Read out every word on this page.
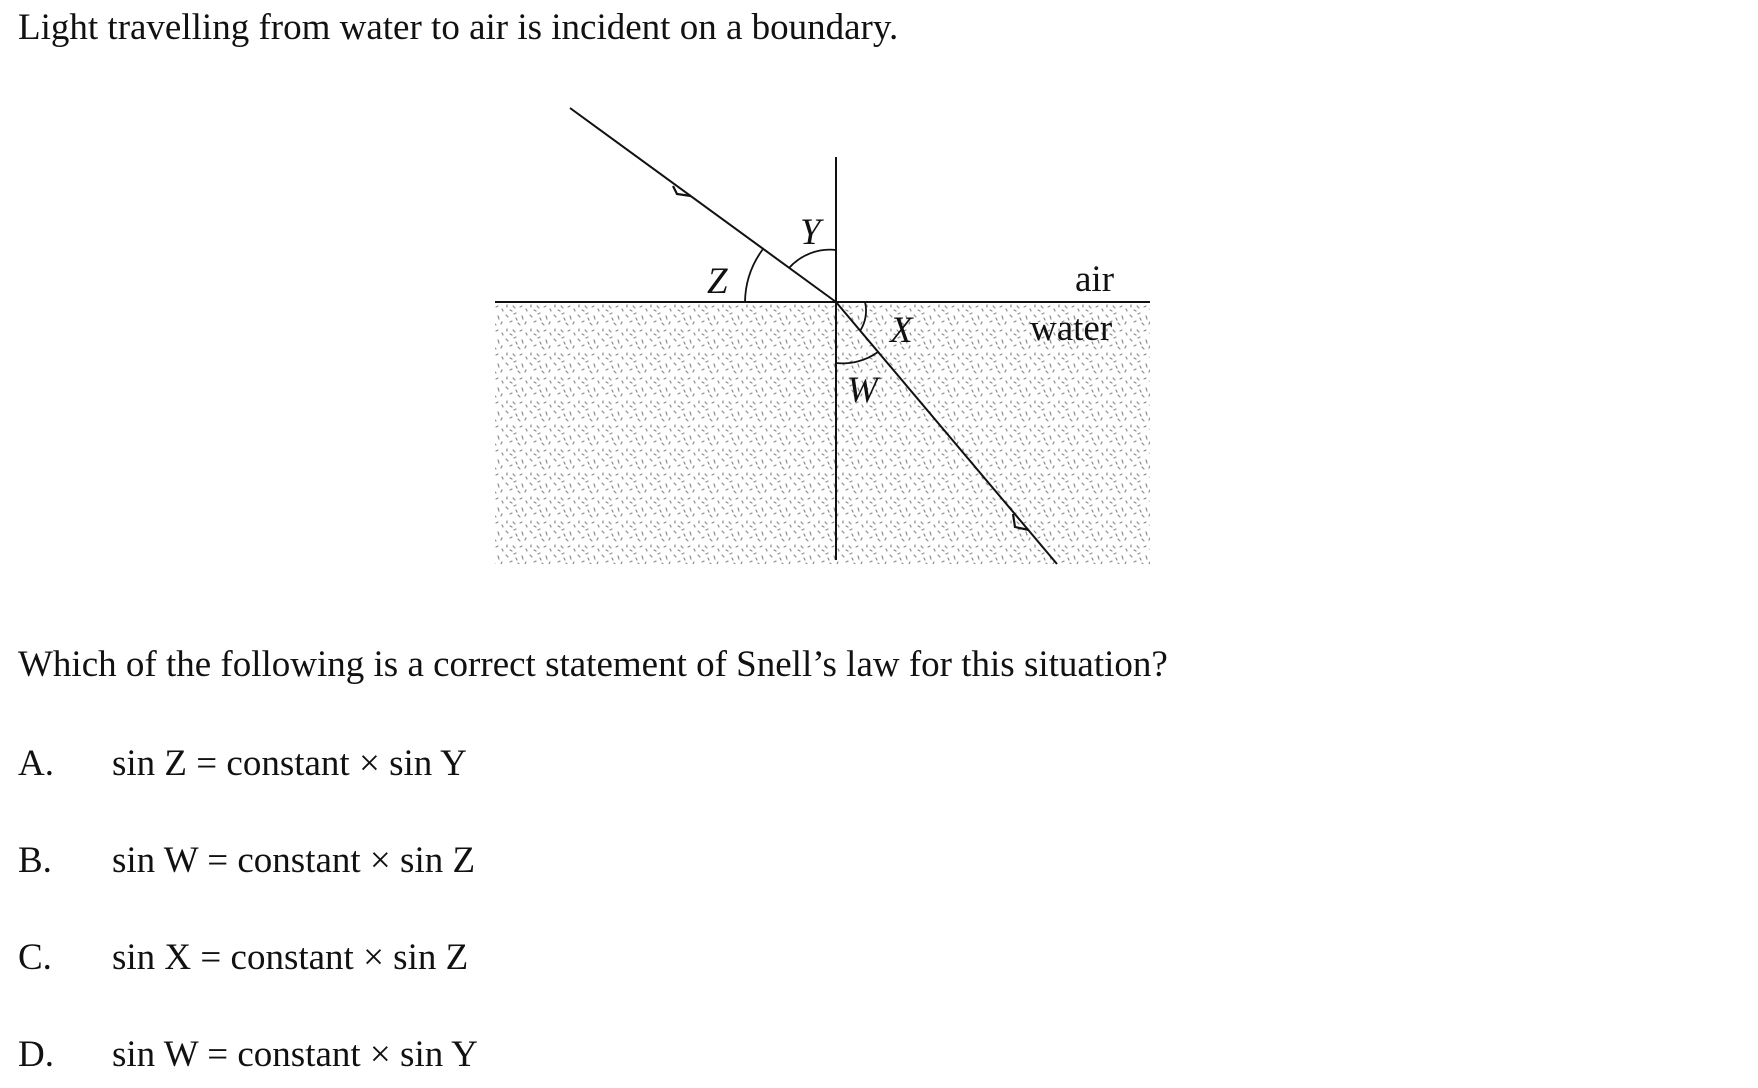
Light travelling from water to air is incident on a boundary.
Z
Y
X
W
air
water
Which of the following is a correct statement of Snell’s law for this situation?
A. sin Z = constant × sin Y
B. sin W = constant × sin Z
C. sin X = constant × sin Z
D. sin W = constant × sin Y
